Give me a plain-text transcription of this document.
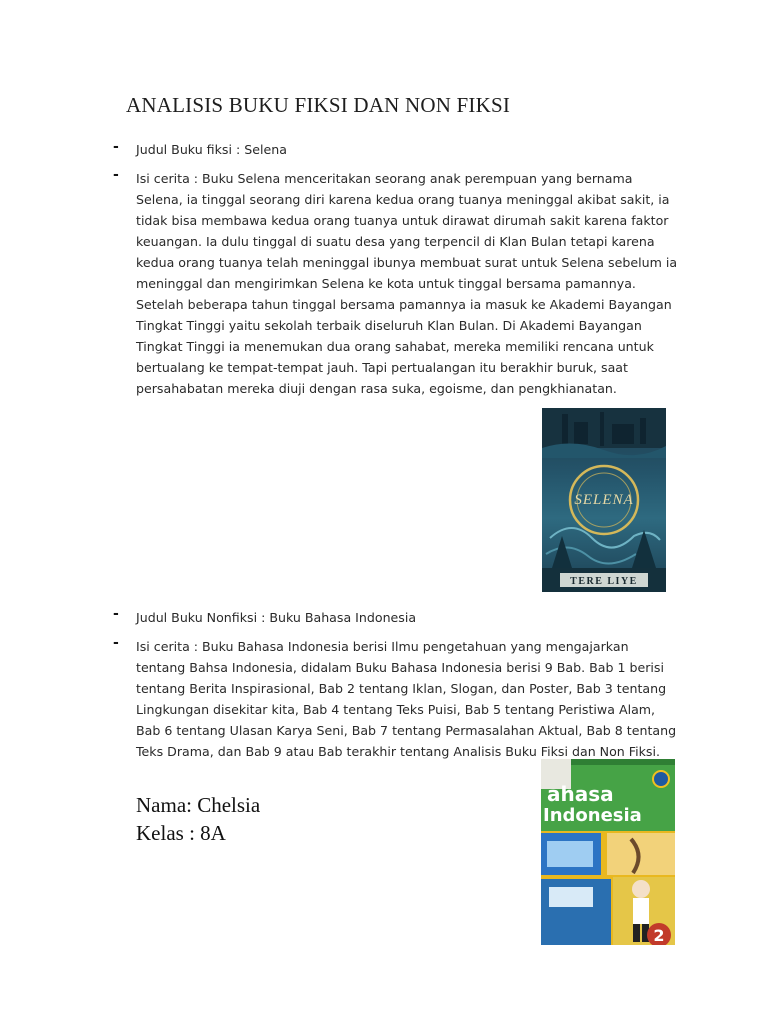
ANALISIS BUKU FIKSI DAN NON FIKSI
- Judul Buku fiksi : Selena
- Isi cerita : Buku Selena menceritakan seorang anak perempuan yang bernama Selena, ia tinggal seorang diri karena kedua orang tuanya meninggal akibat sakit, ia tidak bisa membawa kedua orang tuanya untuk dirawat dirumah sakit karena faktor keuangan. Ia dulu tinggal di suatu desa yang terpencil di Klan Bulan tetapi karena kedua orang tuanya telah meninggal ibunya membuat surat untuk Selena sebelum ia meninggal dan mengirimkan Selena ke kota untuk tinggal bersama pamannya. Setelah beberapa tahun tinggal bersama pamannya ia masuk ke Akademi Bayangan Tingkat Tinggi yaitu sekolah terbaik diseluruh Klan Bulan. Di Akademi Bayangan Tingkat Tinggi ia menemukan dua orang sahabat, mereka memiliki rencana untuk bertualang ke tempat-tempat jauh. Tapi pertualangan itu berakhir buruk, saat persahabatan mereka diuji dengan rasa suka, egoisme, dan pengkhianatan.
TERE LIYE
SELENA
- Judul Buku Nonfiksi : Buku Bahasa Indonesia
- Isi cerita : Buku Bahasa Indonesia berisi Ilmu pengetahuan yang mengajarkan tentang Bahsa Indonesia, didalam Buku Bahasa Indonesia berisi 9 Bab. Bab 1 berisi tentang Berita Inspirasional, Bab 2 tentang Iklan, Slogan, dan Poster, Bab 3 tentang Lingkungan disekitar kita, Bab 4 tentang Teks Puisi, Bab 5 tentang Peristiwa Alam, Bab 6 tentang Ulasan Karya Seni, Bab 7 tentang Permasalahan Aktual, Bab 8 tentang Teks Drama, dan Bab 9 atau Bab terakhir tentang Analisis Buku Fiksi dan Non Fiksi.
Nama: Chelsia
Kelas : 8A
ahasa
Indonesia
2
